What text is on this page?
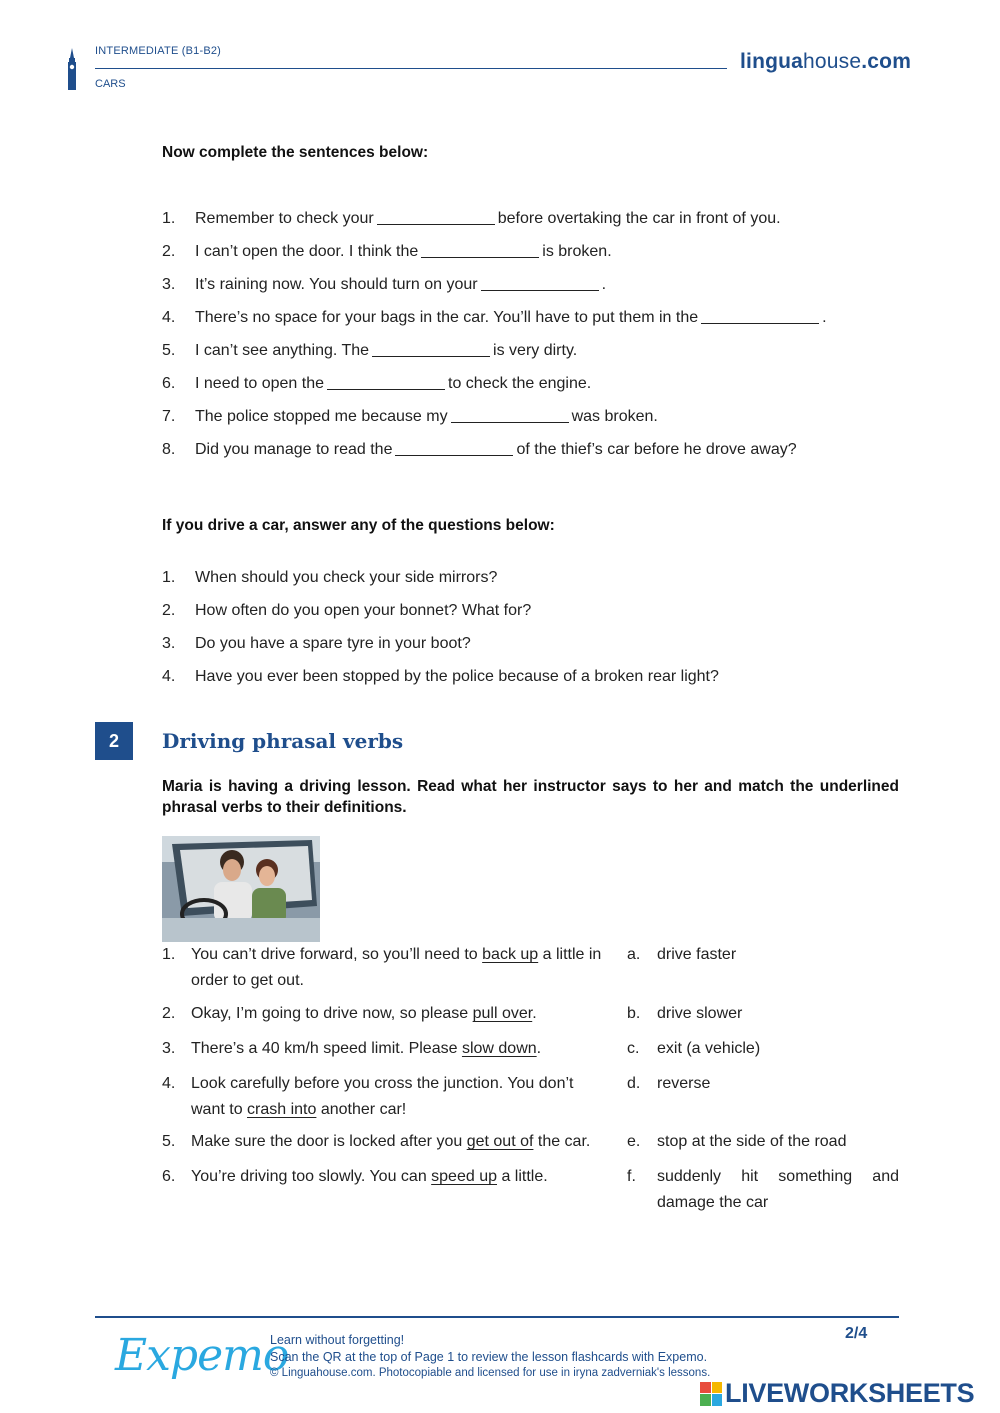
INTERMEDIATE (B1-B2)
CARS
linguahouse.com
Now complete the sentences below:
1.	Remember to check your	before overtaking the car in front of you.
2.	I can’t open the door. I think the	is broken.
3.	It’s raining now. You should turn on your	.
4.	There’s no space for your bags in the car. You’ll have to put them in the	.
5.	I can’t see anything. The	is very dirty.
6.	I need to open the	to check the engine.
7.	The police stopped me because my	was broken.
8.	Did you manage to read the	of the thief’s car before he drove away?
If you drive a car, answer any of the questions below:
1.	When should you check your side mirrors?
2.	How often do you open your bonnet? What for?
3.	Do you have a spare tyre in your boot?
4.	Have you ever been stopped by the police because of a broken rear light?
2	Driving phrasal verbs
Maria is having a driving lesson. Read what her instructor says to her and match the underlined phrasal verbs to their definitions.
1. You can’t drive forward, so you’ll need to back up a little in order to get out.
2. Okay, I’m going to drive now, so please pull over.
3. There’s a 40 km/h speed limit. Please slow down.
4. Look carefully before you cross the junction. You don’t want to crash into another car!
5. Make sure the door is locked after you get out of the car.
6. You’re driving too slowly. You can speed up a little.
a.	drive faster
b.	drive slower
c.	exit (a vehicle)
d.	reverse
e.	stop at the side of the road
f.	suddenly hit something and damage the car
Expemo
Learn without forgetting!
Scan the QR at the top of Page 1 to review the lesson flashcards with Expemo.
© Linguahouse.com. Photocopiable and licensed for use in iryna zadverniak's lessons.
2/4
LIVEWORKSHEETS
